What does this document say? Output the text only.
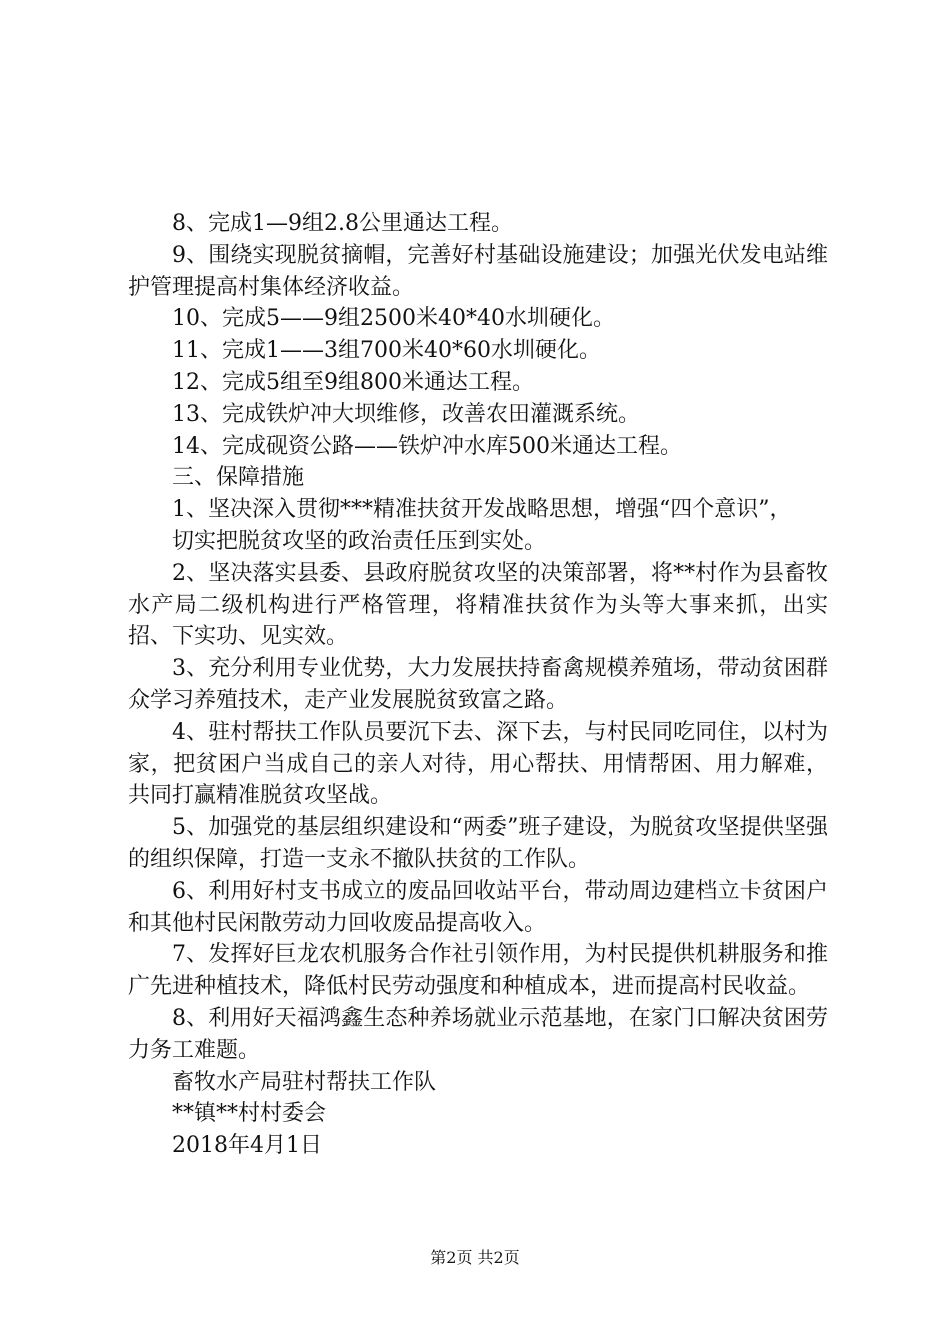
8、完成1—9组2.8公里通达工程。

9、围绕实现脱贫摘帽，完善好村基础设施建设；加强光伏发电站维护管理提高村集体经济收益。

10、完成5——9组2500米40*40水圳硬化。

11、完成1——3组700米40*60水圳硬化。

12、完成5组至9组800米通达工程。

13、完成铁炉冲大坝维修，改善农田灌溉系统。

14、完成砚资公路——铁炉冲水库500米通达工程。

三、保障措施

1、坚决深入贯彻***精准扶贫开发战略思想，增强“四个意识”，

切实把脱贫攻坚的政治责任压到实处。

2、坚决落实县委、县政府脱贫攻坚的决策部署，将**村作为县畜牧水产局二级机构进行严格管理，将精准扶贫作为头等大事来抓，出实招、下实功、见实效。

3、充分利用专业优势，大力发展扶持畜禽规模养殖场，带动贫困群众学习养殖技术，走产业发展脱贫致富之路。

4、驻村帮扶工作队员要沉下去、深下去，与村民同吃同住，以村为家，把贫困户当成自己的亲人对待，用心帮扶、用情帮困、用力解难，共同打赢精准脱贫攻坚战。

5、加强党的基层组织建设和“两委”班子建设，为脱贫攻坚提供坚强的组织保障，打造一支永不撤队扶贫的工作队。

6、利用好村支书成立的废品回收站平台，带动周边建档立卡贫困户和其他村民闲散劳动力回收废品提高收入。

7、发挥好巨龙农机服务合作社引领作用，为村民提供机耕服务和推广先进种植技术，降低村民劳动强度和种植成本，进而提高村民收益。

8、利用好天福鸿鑫生态种养场就业示范基地，在家门口解决贫困劳力务工难题。

畜牧水产局驻村帮扶工作队

**镇**村村委会

2018年4月1日

第2页 共2页
